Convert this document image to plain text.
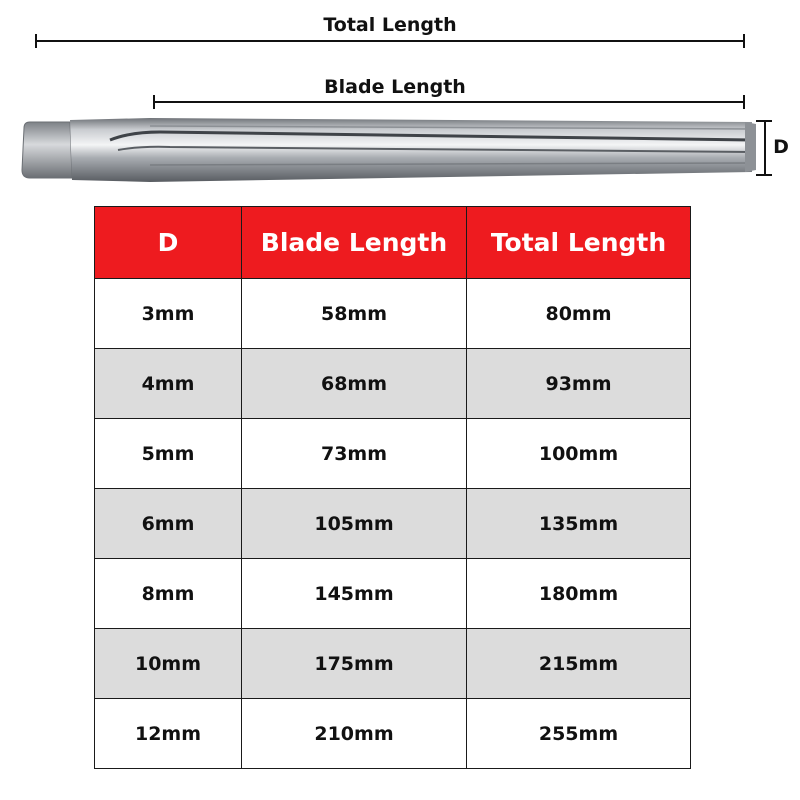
Total Length
Blade Length
D
D	Blade Length	Total Length
3mm	58mm	80mm
4mm	68mm	93mm
5mm	73mm	100mm
6mm	105mm	135mm
8mm	145mm	180mm
10mm	175mm	215mm
12mm	210mm	255mm
